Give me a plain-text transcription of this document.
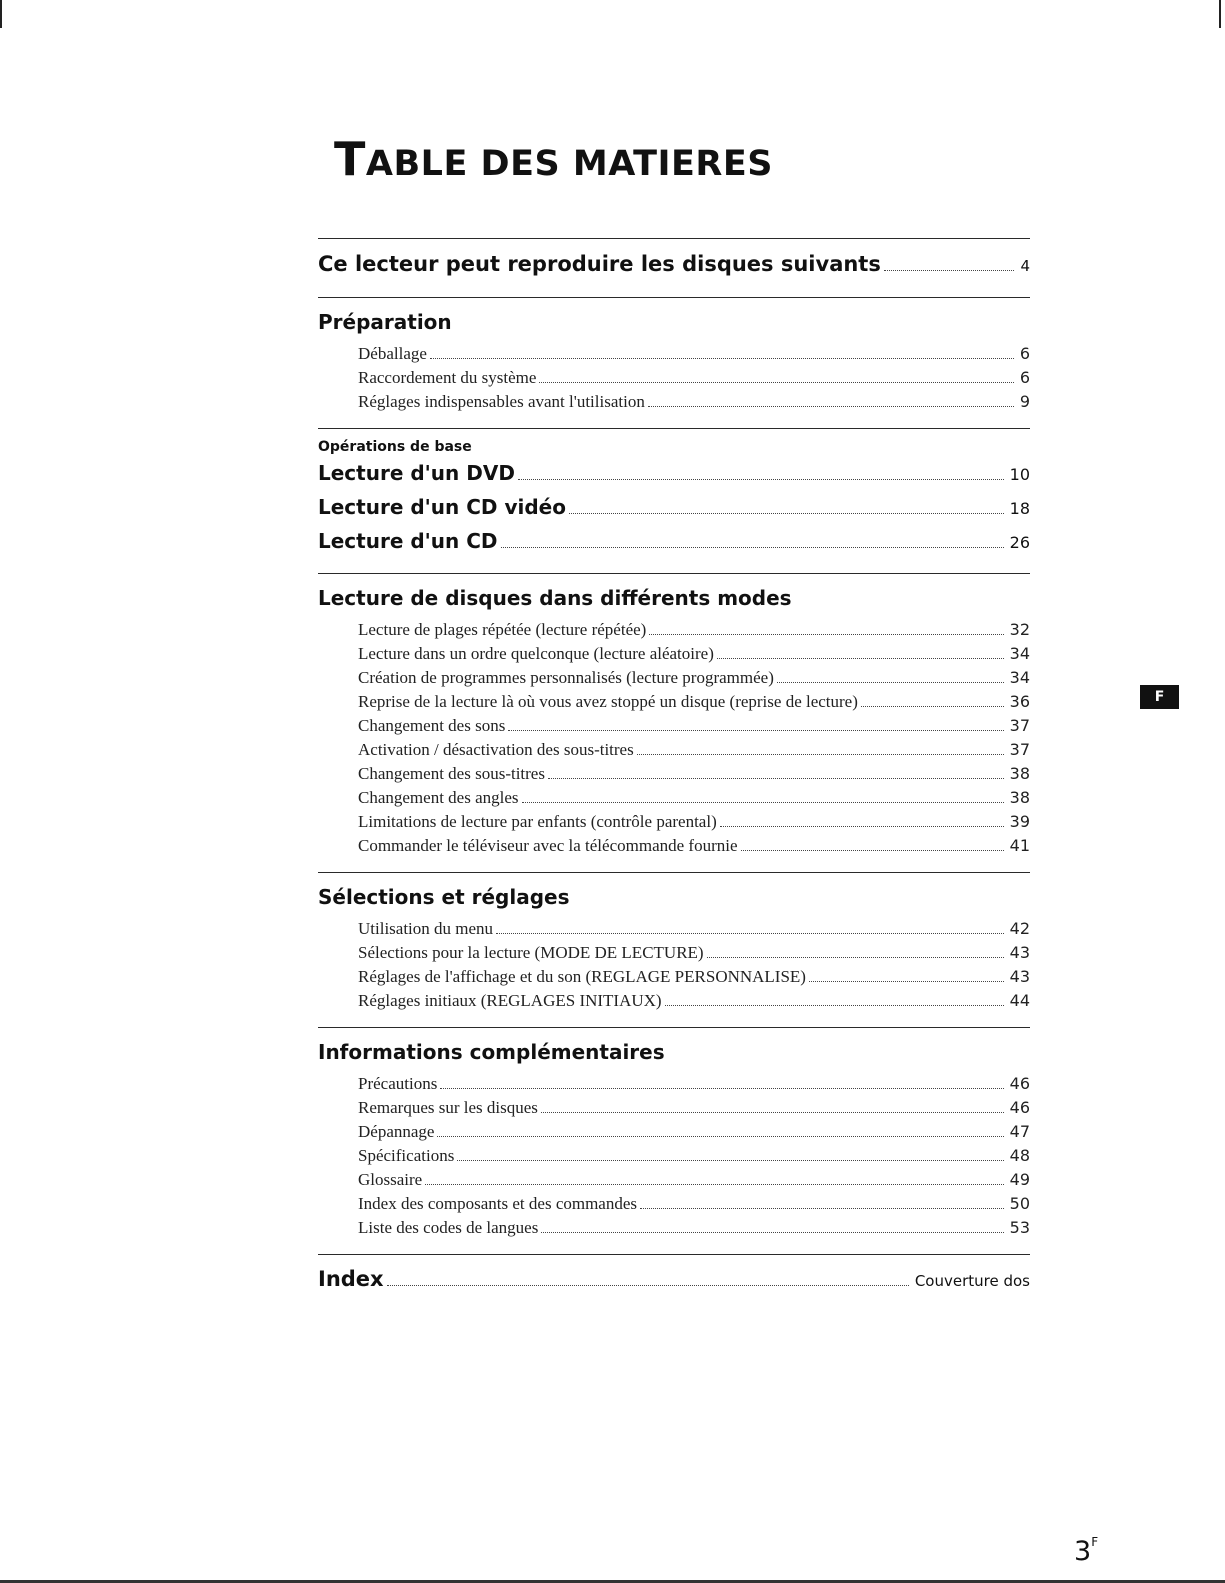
TABLE DES MATIERES
Ce lecteur peut reproduire les disques suivants	4
Préparation
Déballage	6
Raccordement du système	6
Réglages indispensables avant l'utilisation	9
Opérations de base
Lecture d'un DVD	10
Lecture d'un CD vidéo	18
Lecture d'un CD	26
Lecture de disques dans différents modes
Lecture de plages répétée (lecture répétée)	32
Lecture dans un ordre quelconque (lecture aléatoire)	34
Création de programmes personnalisés (lecture programmée)	34
Reprise de la lecture là où vous avez stoppé un disque (reprise de lecture)	36
Changement des sons	37
Activation / désactivation des sous-titres	37
Changement des sous-titres	38
Changement des angles	38
Limitations de lecture par enfants (contrôle parental)	39
Commander le téléviseur avec la télécommande fournie	41
Sélections et réglages
Utilisation du menu	42
Sélections pour la lecture (MODE DE LECTURE)	43
Réglages de l'affichage et du son (REGLAGE PERSONNALISE)	43
Réglages initiaux (REGLAGES INITIAUX)	44
Informations complémentaires
Précautions	46
Remarques sur les disques	46
Dépannage	47
Spécifications	48
Glossaire	49
Index des composants et des commandes	50
Liste des codes de langues	53
Index	Couverture dos
F
$3^F$
